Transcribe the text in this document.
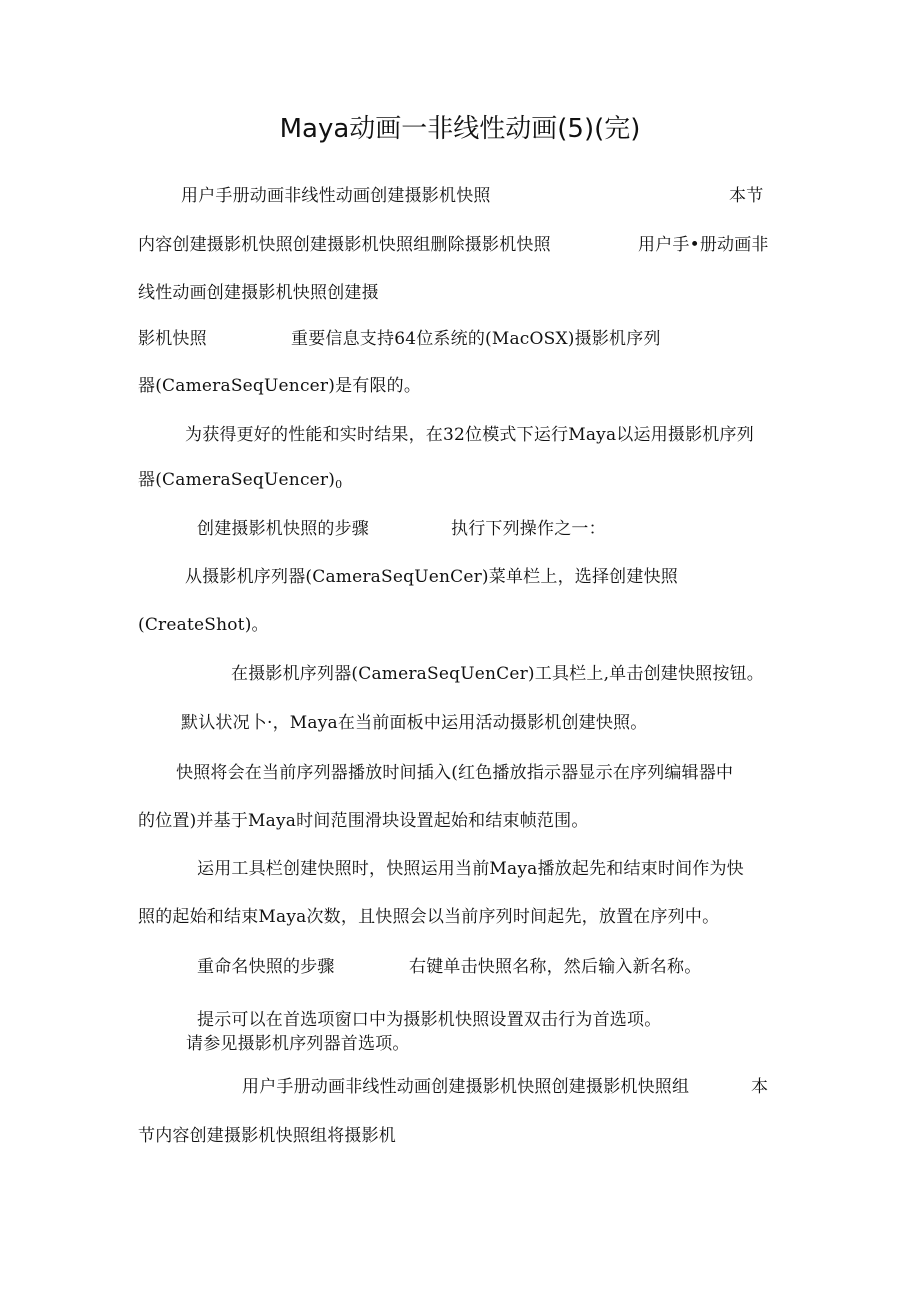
Maya动画一非线性动画(5)(完)
用户手册动画非线性动画创建摄影机快照	本节
内容创建摄影机快照创建摄影机快照组删除摄影机快照	用户手•册动画非
线性动画创建摄影机快照创建摄
影机快照	重要信息支持64位系统的(MacOSX)摄影机序列
器(CameraSeqUencer)是有限的。
为获得更好的性能和实时结果，在32位模式下运行Maya以运用摄影机序列
器$(CameraSeqUencer)_0$
创建摄影机快照的步骤	执行下列操作之一：
从摄影机序列器(CameraSeqUenCer)菜单栏上，选择创建快照
(CreateShot)。
在摄影机序列器(CameraSeqUenCer)工具栏上,单击创建快照按钮。
默认状况卜·，Maya在当前面板中运用活动摄影机创建快照。
快照将会在当前序列器播放时间插入(红色播放指示器显示在序列编辑器中
的位置)并基于Maya时间范围滑块设置起始和结束帧范围。
运用工具栏创建快照时，快照运用当前Maya播放起先和结束时间作为快
照的起始和结束Maya次数，且快照会以当前序列时间起先，放置在序列中。
重命名快照的步骤	右键单击快照名称，然后输入新名称。
提示可以在首选项窗口中为摄影机快照设置双击行为首选项。
请参见摄影机序列器首选项。
用户手册动画非线性动画创建摄影机快照创建摄影机快照组	本
节内容创建摄影机快照组将摄影机
